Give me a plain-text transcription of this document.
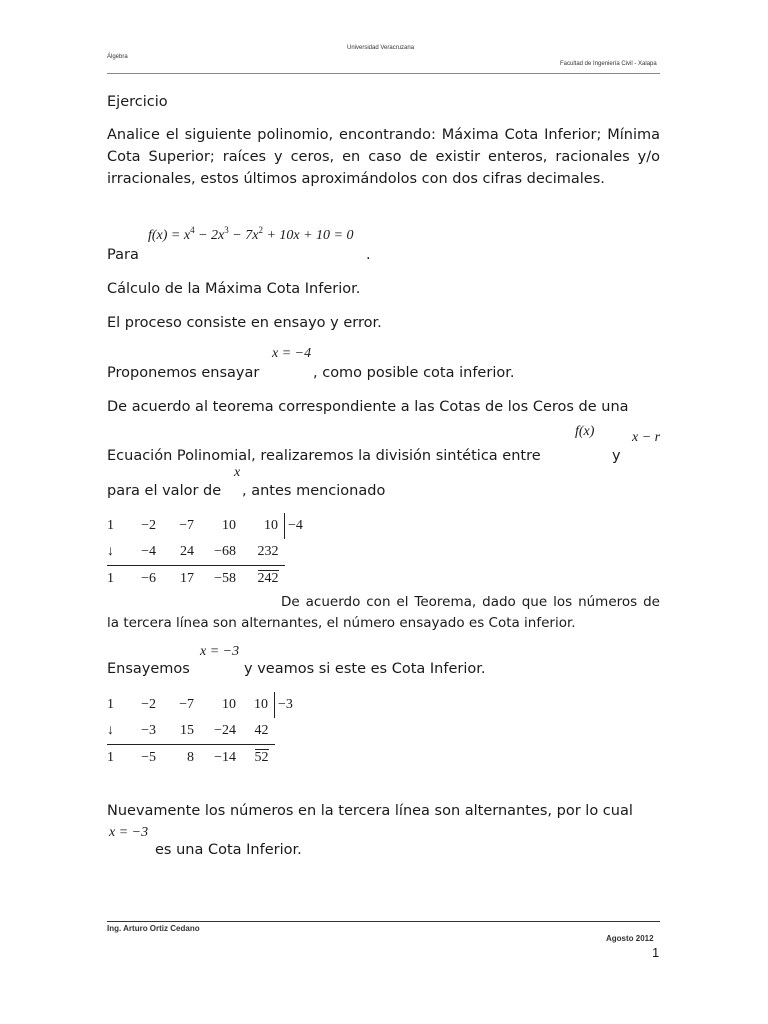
Universidad Veracruzana
Álgebra
Facultad de Ingeniería Civil - Xalapa
Ejercicio
Analice el siguiente polinomio, encontrando: Máxima Cota Inferior; Mínima Cota Superior; raíces y ceros, en caso de existir enteros, racionales y/o irracionales, estos últimos aproximándolos con dos cifras decimales.
$f(x) = x^4 - 2x^3 - 7x^2 + 10x + 10 = 0$
Para	.
Cálculo de la Máxima Cota Inferior.
El proceso consiste en ensayo y error.
x = −4
Proponemos ensayar	, como posible cota inferior.
De acuerdo al teorema correspondiente a las Cotas de los Ceros de una
f(x)	x − r
Ecuación Polinomial, realizaremos la división sintética entre	y
x
para el valor de , antes mencionado
1	−2	−7	10	10	−4
↓	−4	24	−68	232	
1	−6	17	−58	242	
De acuerdo con el Teorema, dado que los números de la tercera línea son alternantes, el número ensayado es Cota inferior.
x = −3
Ensayemos	y veamos si este es Cota Inferior.
1	−2	−7	10	10	−3
↓	−3	15	−24	42	
1	−5	8	−14	52	
Nuevamente los números en la tercera línea son alternantes, por lo cual
x = −3
es una Cota Inferior.
Ing. Arturo Ortiz Cedano
Agosto 2012
1
